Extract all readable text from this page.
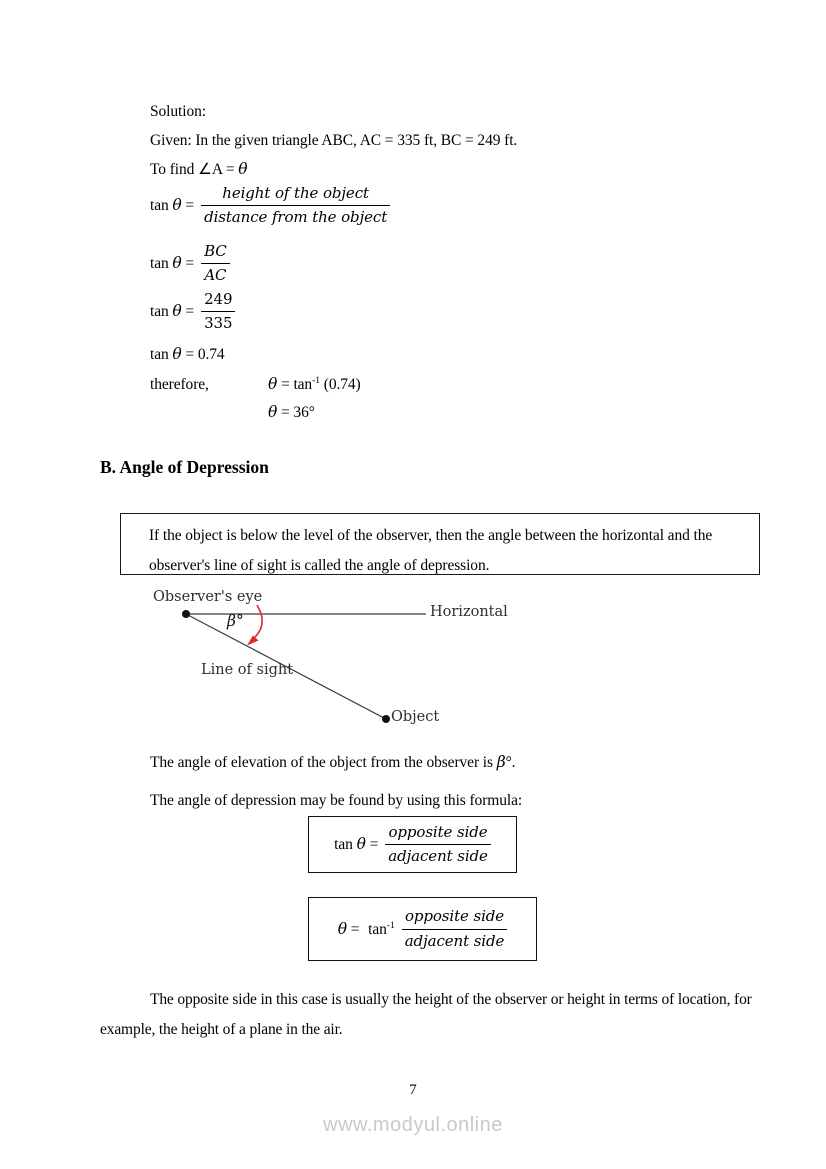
Solution:
Given: In the given triangle ABC, AC = 335 ft, BC = 249 ft.
To find ∠A = θ
$\tan \theta = \frac{\text{height of the object}}{\text{distance from the object}}$
$\tan \theta = \frac{BC}{AC}$
$\tan \theta = \frac{249}{335}$
tan θ = 0.74
therefore,	$\theta = \tan^{-1} (0.74)$
θ = 36°
B. Angle of Depression
If the object is below the level of the observer, then the angle between the horizontal and the observer's line of sight is called the angle of depression.
Observer's eye
Horizontal
β°
Line of sight
Object
The angle of elevation of the object from the observer is β°.
The angle of depression may be found by using this formula:
$\tan \theta = \frac{\text{opposite side}}{\text{adjacent side}}$
$\theta = \tan^{-1} \frac{\text{opposite side}}{\text{adjacent side}}$
The opposite side in this case is usually the height of the observer or height in terms of location, for example, the height of a plane in the air.
7
www.modyul.online
